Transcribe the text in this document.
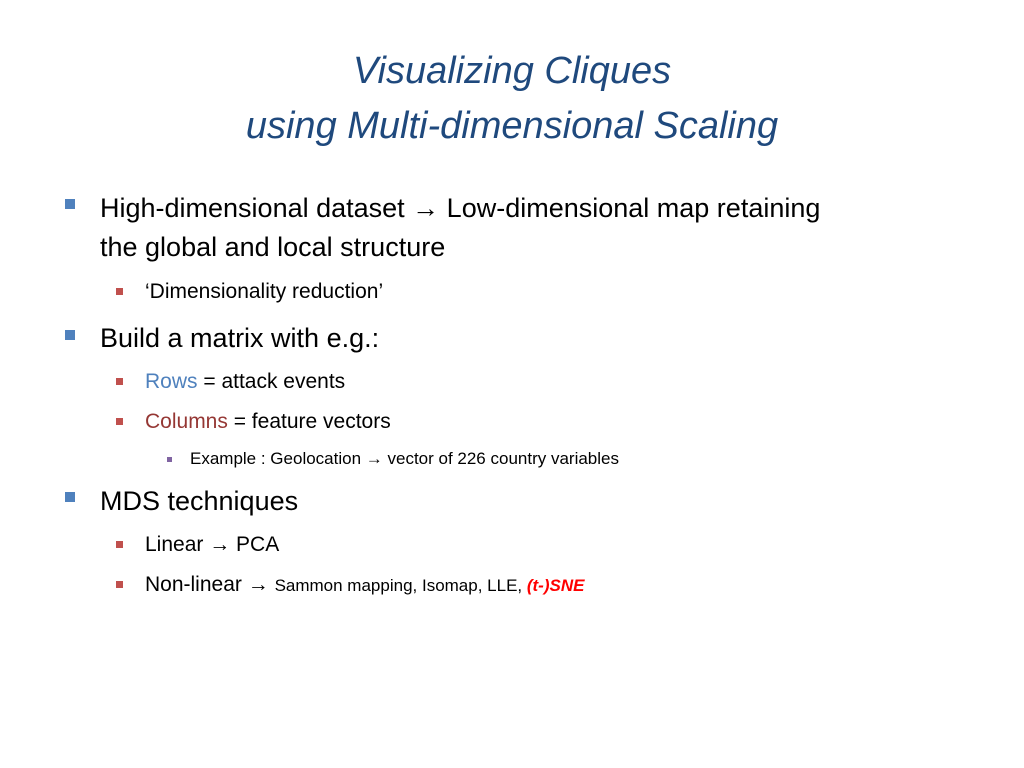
Visualizing Cliques
using Multi-dimensional Scaling
High-dimensional dataset → Low-dimensional map retaining
the global and local structure
‘Dimensionality reduction’
Build a matrix with e.g.:
Rows = attack events
Columns = feature vectors
Example : Geolocation → vector of 226 country variables
MDS techniques
Linear → PCA
Non-linear → Sammon mapping, Isomap, LLE, (t-)SNE
